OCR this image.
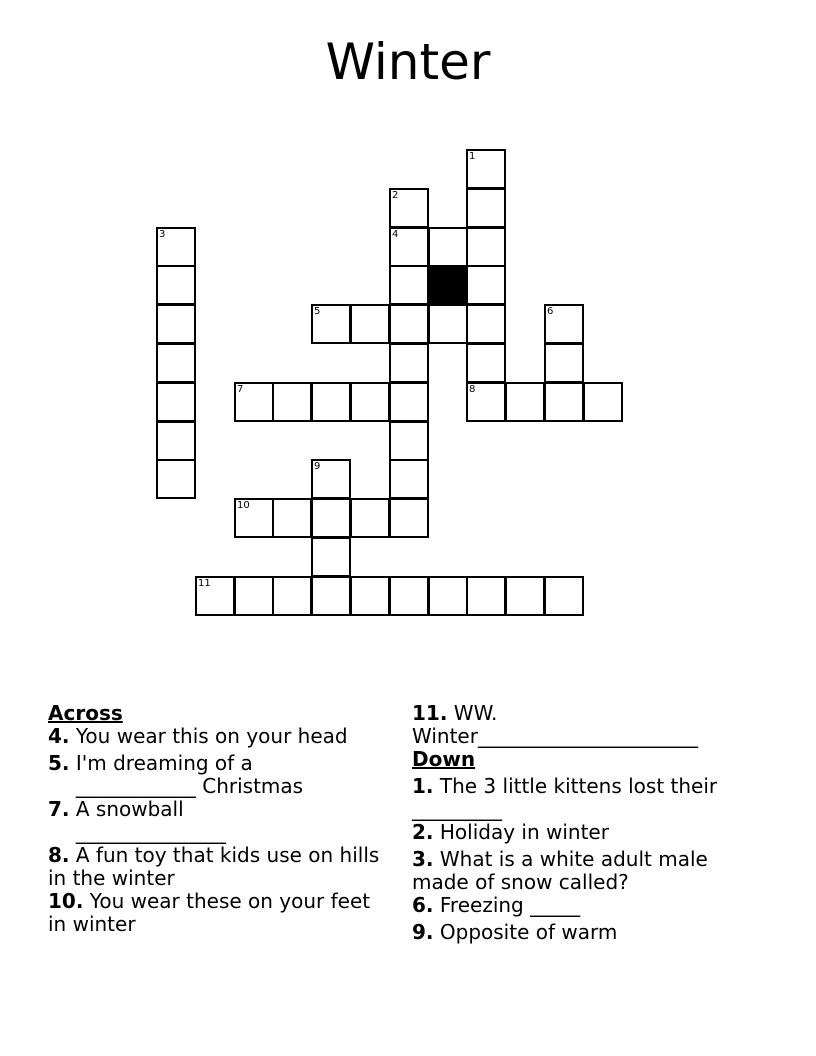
Winter
1
2
3	4
5	6
7	8
9
10
11
Across
4. You wear this on your head
5. I'm dreaming of a ____________ Christmas
7. A snowball _______________
8. A fun toy that kids use on hills in the winter
10. You wear these on your feet in winter
11. WW. Winter______________________
Down
1. The 3 little kittens lost their _________
2. Holiday in winter
3. What is a white adult male made of snow called?
6. Freezing _____
9. Opposite of warm
